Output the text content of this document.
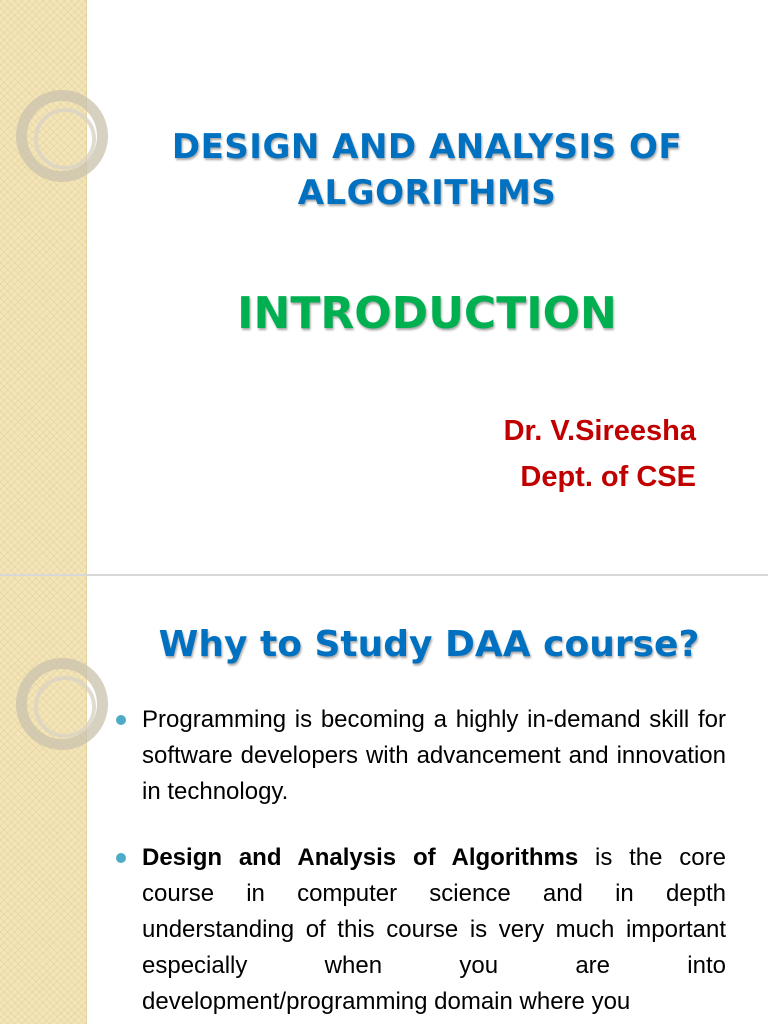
DESIGN AND ANALYSIS OF
ALGORITHMS
INTRODUCTION
Dr. V.Sireesha
Dept. of CSE
Why to Study DAA course?
Programming is becoming a highly in-demand skill for software developers with advancement and innovation in technology.
Design and Analysis of Algorithms is the core course in computer science and in depth understanding of this course is very much important especially when you are into development/programming domain where you
